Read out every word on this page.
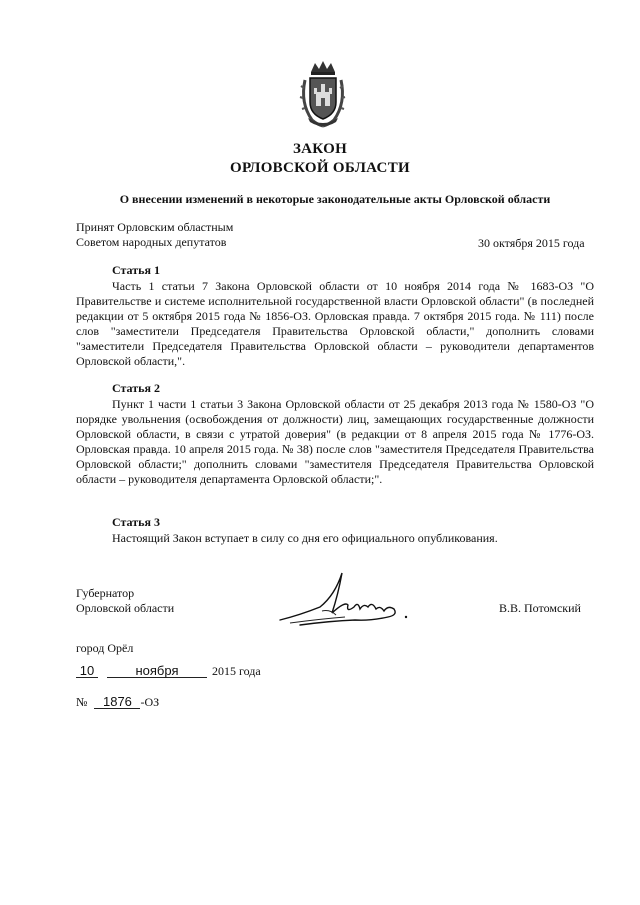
ЗАКОН
ОРЛОВСКОЙ ОБЛАСТИ
О внесении изменений в некоторые законодательные акты Орловской области
Принят Орловским областным
Советом народных депутатов	30 октября 2015 года
Статья 1
Часть 1 статьи 7 Закона Орловской области от 10 ноября 2014 года № 1683-ОЗ "О Правительстве и системе исполнительной государственной власти Орловской области" (в последней редакции от 5 октября 2015 года № 1856-ОЗ. Орловская правда. 7 октября 2015 года. № 111) после слов "заместители Председателя Правительства Орловской области," дополнить словами "заместители Председателя Правительства Орловской области – руководители департаментов Орловской области,".
Статья 2
Пункт 1 части 1 статьи 3 Закона Орловской области от 25 декабря 2013 года № 1580-ОЗ "О порядке увольнения (освобождения от должности) лиц, замещающих государственные должности Орловской области, в связи с утратой доверия" (в редакции от 8 апреля 2015 года № 1776-ОЗ. Орловская правда. 10 апреля 2015 года. № 38) после слов "заместителя Председателя Правительства Орловской области;" дополнить словами "заместителя Председателя Правительства Орловской области – руководителя департамента Орловской области;".
Статья 3
Настоящий Закон вступает в силу со дня его официального опубликования.
Губернатор
Орловской области	В.В. Потомский
город Орёл
10	ноября	2015 года
№ 1876 -ОЗ
